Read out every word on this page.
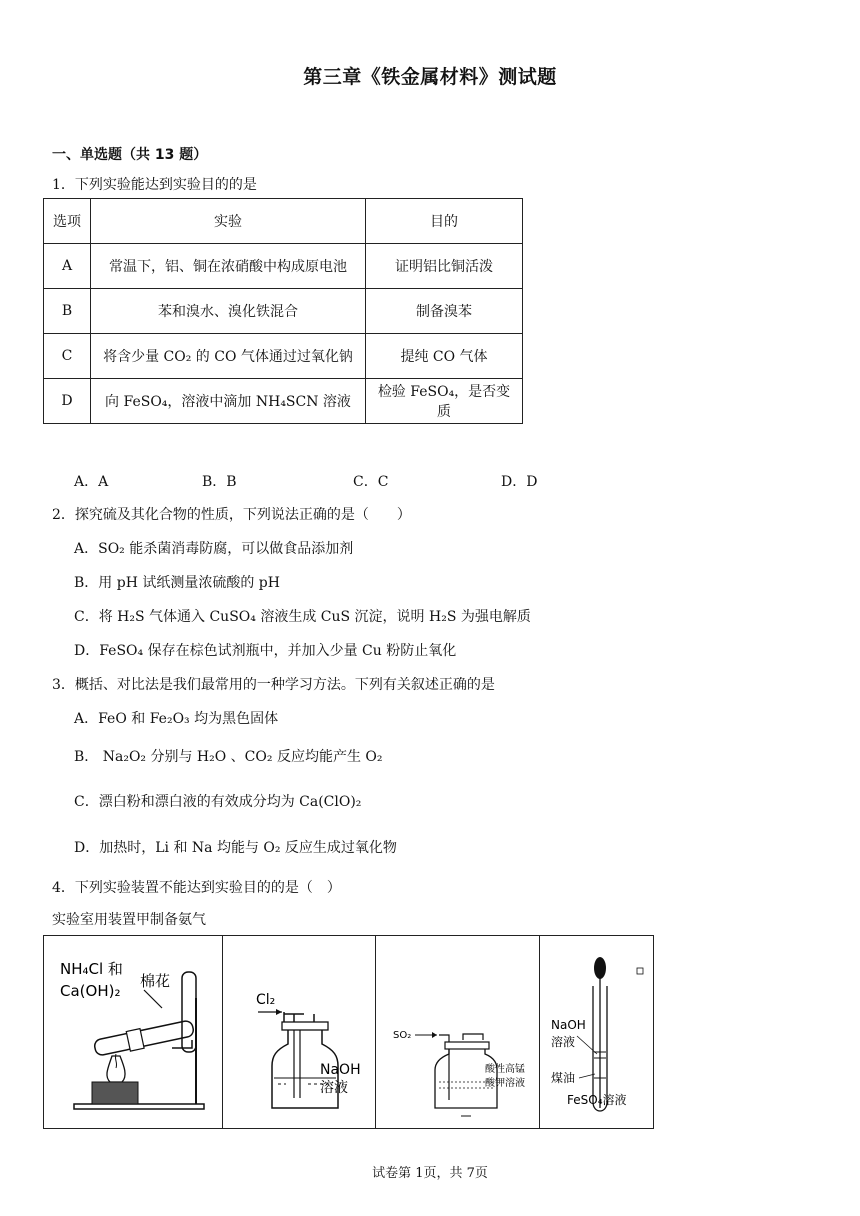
第三章《铁金属材料》测试题
一、单选题（共 13 题）
1．下列实验能达到实验目的的是
选项	实验	目的
A	常温下，铝、铜在浓硝酸中构成原电池	证明铝比铜活泼
B	苯和溴水、溴化铁混合	制备溴苯
C	将含少量 CO₂ 的 CO 气体通过过氧化钠	提纯 CO 气体
D	向 FeSO₄，溶液中滴加 NH₄SCN 溶液	检验 FeSO₄，是否变质
A．A	B．B	C．C	D．D
2．探究硫及其化合物的性质，下列说法正确的是（　　）
A．SO₂ 能杀菌消毒防腐，可以做食品添加剂
B．用 pH 试纸测量浓硫酸的 pH
C．将 H₂S 气体通入 CuSO₄ 溶液生成 CuS 沉淀，说明 H₂S 为强电解质
D．FeSO₄ 保存在棕色试剂瓶中，并加入少量 Cu 粉防止氧化
3．概括、对比法是我们最常用的一种学习方法。下列有关叙述正确的是
A．FeO 和 Fe₂O₃ 均为黑色固体
B． Na₂O₂ 分别与 H₂O 、CO₂ 反应均能产生 O₂
C．漂白粉和漂白液的有效成分均为 Ca(ClO)₂
D．加热时，Li 和 Na 均能与 O₂ 反应生成过氧化物
4．下列实验装置不能达到实验目的的是（　）
实验室用装置甲制备氨气
NH₄Cl 和
Ca(OH)₂
棉花
Cl₂
NaOH
溶液
SO₂
酸性高锰
酸钾溶液
NaOH
溶液
煤油
FeSO₄溶液
试卷第 1页，共 7页
